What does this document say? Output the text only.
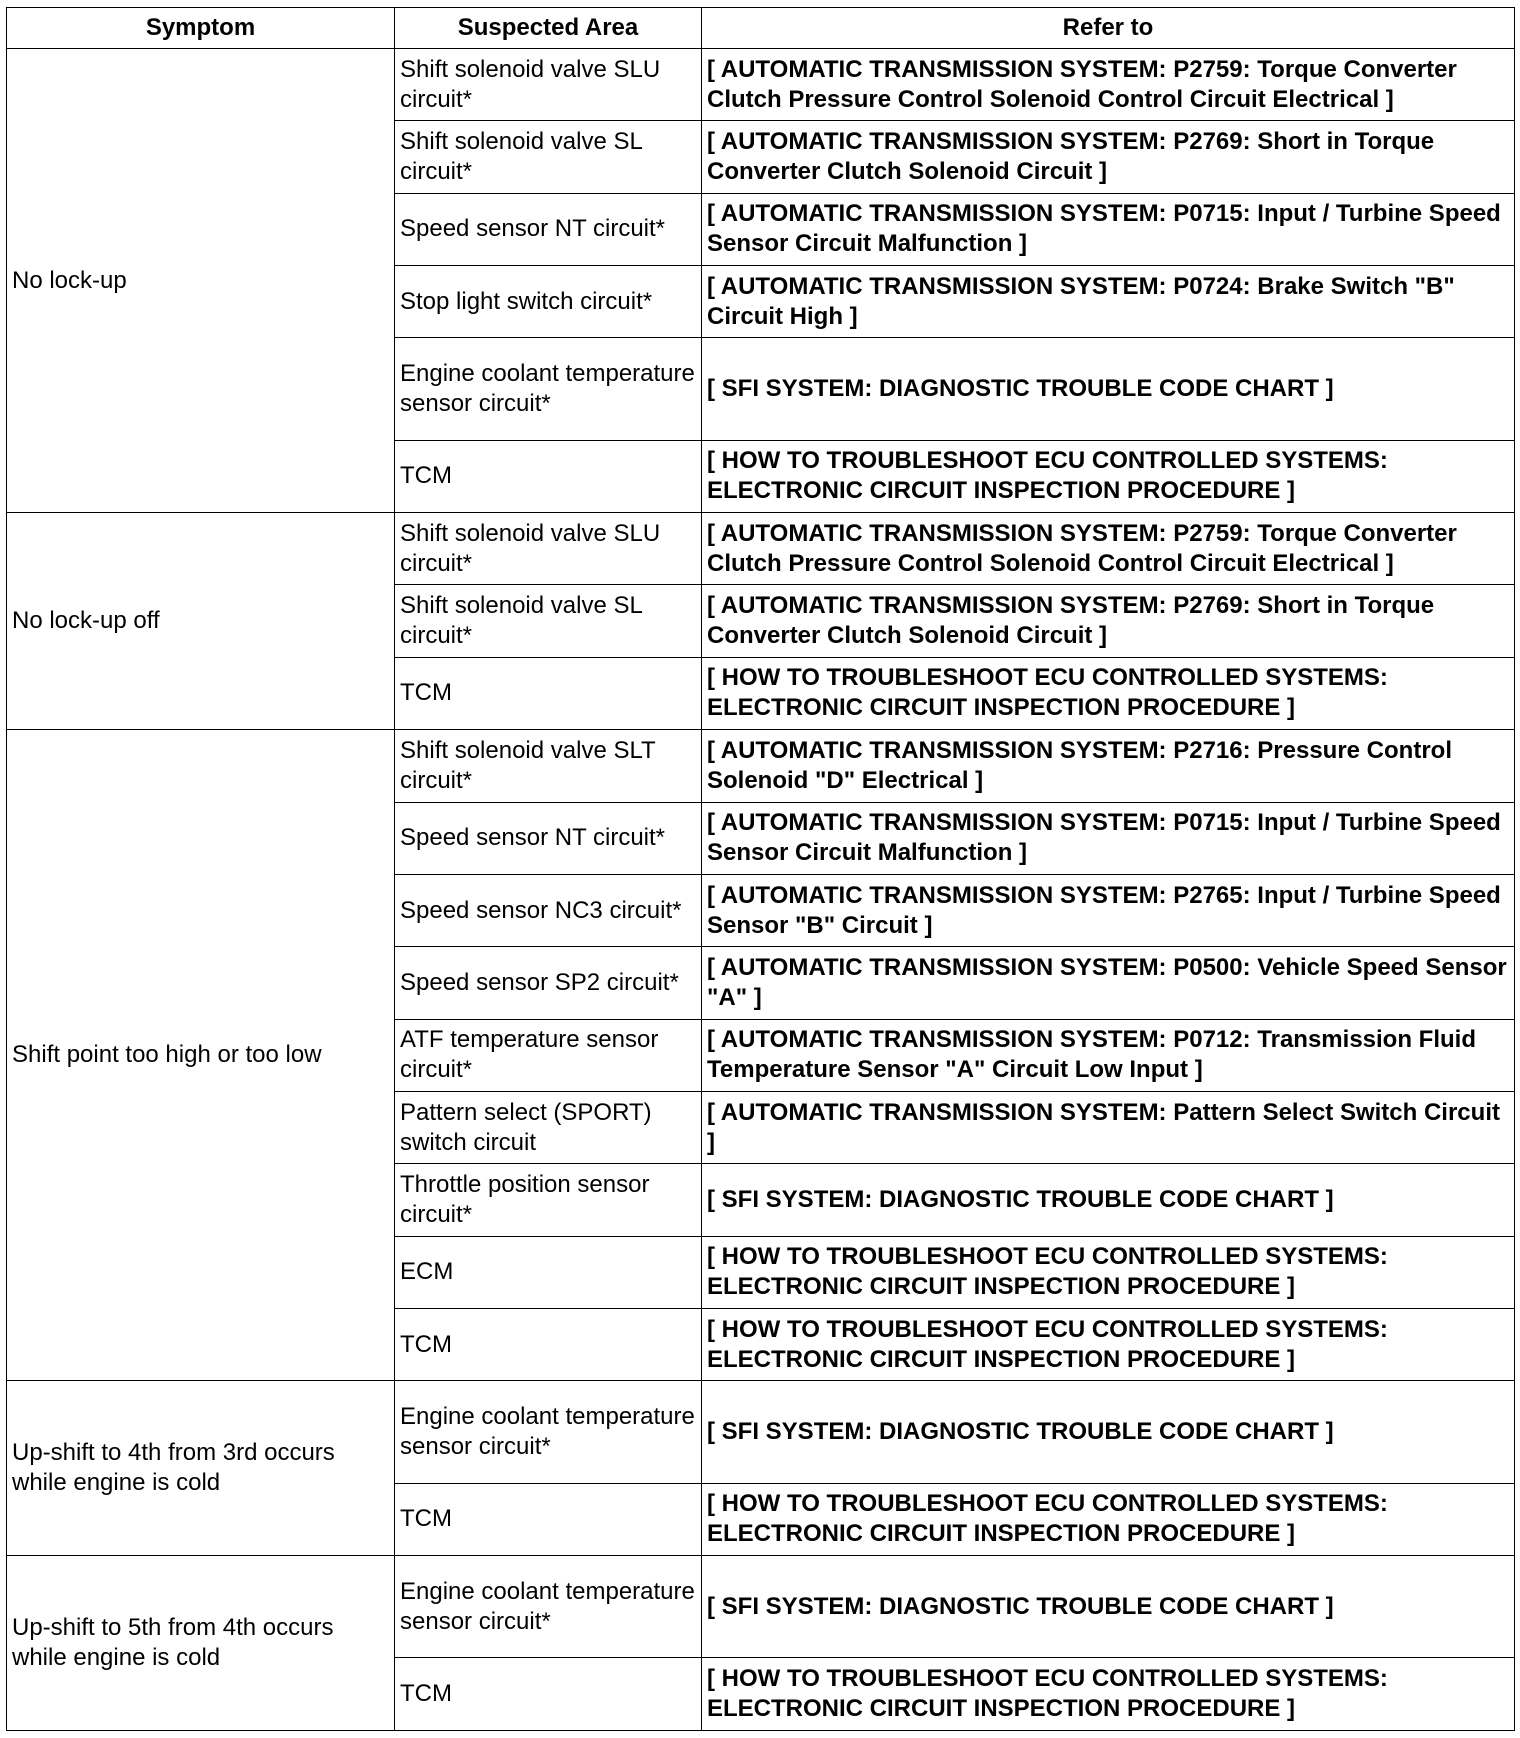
Symptom	Suspected Area	Refer to
No lock-up	Shift solenoid valve SLU circuit*	[ AUTOMATIC TRANSMISSION SYSTEM: P2759: Torque Converter Clutch Pressure Control Solenoid Control Circuit Electrical ]
	Shift solenoid valve SL circuit*	[ AUTOMATIC TRANSMISSION SYSTEM: P2769: Short in Torque Converter Clutch Solenoid Circuit ]
	Speed sensor NT circuit*	[ AUTOMATIC TRANSMISSION SYSTEM: P0715: Input / Turbine Speed Sensor Circuit Malfunction ]
	Stop light switch circuit*	[ AUTOMATIC TRANSMISSION SYSTEM: P0724: Brake Switch "B" Circuit High ]
	Engine coolant temperature sensor circuit*	[ SFI SYSTEM: DIAGNOSTIC TROUBLE CODE CHART ]
	TCM	[ HOW TO TROUBLESHOOT ECU CONTROLLED SYSTEMS: ELECTRONIC CIRCUIT INSPECTION PROCEDURE ]
No lock-up off	Shift solenoid valve SLU circuit*	[ AUTOMATIC TRANSMISSION SYSTEM: P2759: Torque Converter Clutch Pressure Control Solenoid Control Circuit Electrical ]
	Shift solenoid valve SL circuit*	[ AUTOMATIC TRANSMISSION SYSTEM: P2769: Short in Torque Converter Clutch Solenoid Circuit ]
	TCM	[ HOW TO TROUBLESHOOT ECU CONTROLLED SYSTEMS: ELECTRONIC CIRCUIT INSPECTION PROCEDURE ]
Shift point too high or too low	Shift solenoid valve SLT circuit*	[ AUTOMATIC TRANSMISSION SYSTEM: P2716: Pressure Control Solenoid "D" Electrical ]
	Speed sensor NT circuit*	[ AUTOMATIC TRANSMISSION SYSTEM: P0715: Input / Turbine Speed Sensor Circuit Malfunction ]
	Speed sensor NC3 circuit*	[ AUTOMATIC TRANSMISSION SYSTEM: P2765: Input / Turbine Speed Sensor "B" Circuit ]
	Speed sensor SP2 circuit*	[ AUTOMATIC TRANSMISSION SYSTEM: P0500: Vehicle Speed Sensor "A" ]
	ATF temperature sensor circuit*	[ AUTOMATIC TRANSMISSION SYSTEM: P0712: Transmission Fluid Temperature Sensor "A" Circuit Low Input ]
	Pattern select (SPORT) switch circuit	[ AUTOMATIC TRANSMISSION SYSTEM: Pattern Select Switch Circuit ]
	Throttle position sensor circuit*	[ SFI SYSTEM: DIAGNOSTIC TROUBLE CODE CHART ]
	ECM	[ HOW TO TROUBLESHOOT ECU CONTROLLED SYSTEMS: ELECTRONIC CIRCUIT INSPECTION PROCEDURE ]
	TCM	[ HOW TO TROUBLESHOOT ECU CONTROLLED SYSTEMS: ELECTRONIC CIRCUIT INSPECTION PROCEDURE ]
Up-shift to 4th from 3rd occurs while engine is cold	Engine coolant temperature sensor circuit*	[ SFI SYSTEM: DIAGNOSTIC TROUBLE CODE CHART ]
	TCM	[ HOW TO TROUBLESHOOT ECU CONTROLLED SYSTEMS: ELECTRONIC CIRCUIT INSPECTION PROCEDURE ]
Up-shift to 5th from 4th occurs while engine is cold	Engine coolant temperature sensor circuit*	[ SFI SYSTEM: DIAGNOSTIC TROUBLE CODE CHART ]
	TCM	[ HOW TO TROUBLESHOOT ECU CONTROLLED SYSTEMS: ELECTRONIC CIRCUIT INSPECTION PROCEDURE ]
